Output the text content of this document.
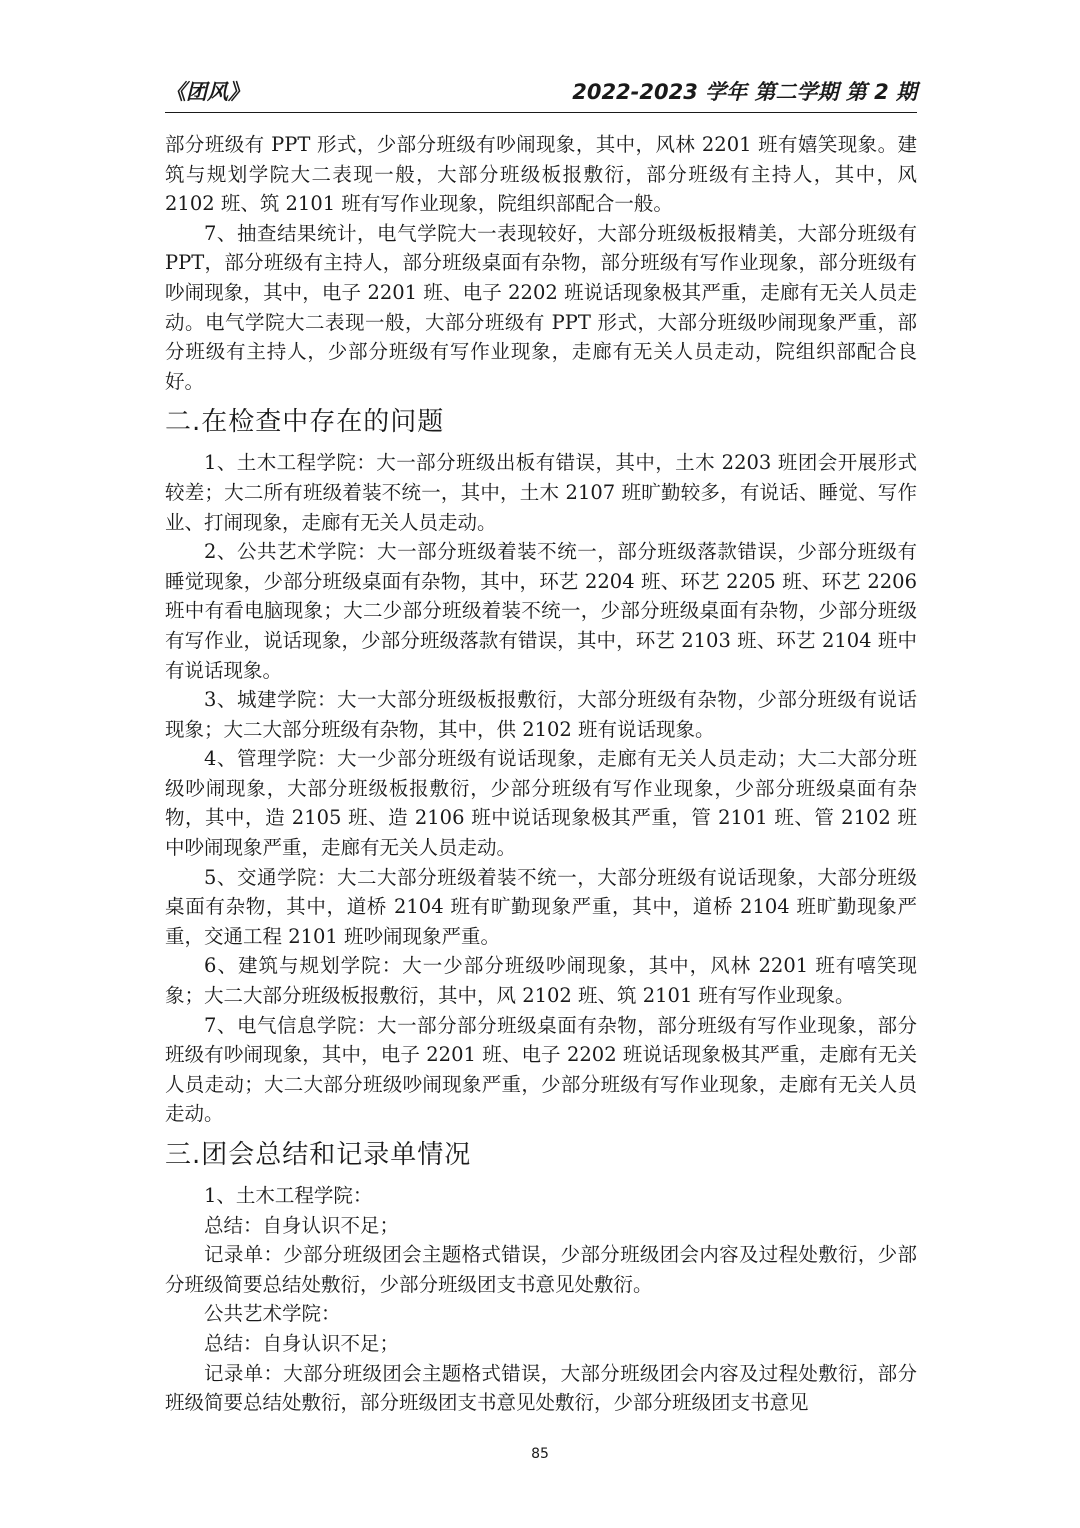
《团风》	2022-2023 学年 第二学期 第 2 期

部分班级有 PPT 形式，少部分班级有吵闹现象，其中，风林 2201 班有嬉笑现象。建筑与规划学院大二表现一般，大部分班级板报敷衍，部分班级有主持人，其中，风 2102 班、筑 2101 班有写作业现象，院组织部配合一般。

7、抽查结果统计，电气学院大一表现较好，大部分班级板报精美，大部分班级有 PPT，部分班级有主持人，部分班级桌面有杂物，部分班级有写作业现象，部分班级有吵闹现象，其中，电子 2201 班、电子 2202 班说话现象极其严重，走廊有无关人员走动。电气学院大二表现一般，大部分班级有 PPT 形式，大部分班级吵闹现象严重，部分班级有主持人，少部分班级有写作业现象，走廊有无关人员走动，院组织部配合良好。

二.在检查中存在的问题

1、土木工程学院：大一部分班级出板有错误，其中，土木 2203 班团会开展形式较差；大二所有班级着装不统一，其中，土木 2107 班旷勤较多，有说话、睡觉、写作业、打闹现象，走廊有无关人员走动。

2、公共艺术学院：大一部分班级着装不统一，部分班级落款错误，少部分班级有睡觉现象，少部分班级桌面有杂物，其中，环艺 2204 班、环艺 2205 班、环艺 2206 班中有看电脑现象；大二少部分班级着装不统一，少部分班级桌面有杂物，少部分班级有写作业，说话现象，少部分班级落款有错误，其中，环艺 2103 班、环艺 2104 班中有说话现象。

3、城建学院：大一大部分班级板报敷衍，大部分班级有杂物，少部分班级有说话现象；大二大部分班级有杂物，其中，供 2102 班有说话现象。

4、管理学院：大一少部分班级有说话现象，走廊有无关人员走动；大二大部分班级吵闹现象，大部分班级板报敷衍，少部分班级有写作业现象，少部分班级桌面有杂物，其中，造 2105 班、造 2106 班中说话现象极其严重，管 2101 班、管 2102 班中吵闹现象严重，走廊有无关人员走动。

5、交通学院：大二大部分班级着装不统一，大部分班级有说话现象，大部分班级桌面有杂物，其中，道桥 2104 班有旷勤现象严重，其中，道桥 2104 班旷勤现象严重，交通工程 2101 班吵闹现象严重。

6、建筑与规划学院：大一少部分班级吵闹现象，其中，风林 2201 班有嘻笑现象；大二大部分班级板报敷衍，其中，风 2102 班、筑 2101 班有写作业现象。

7、电气信息学院：大一部分部分班级桌面有杂物，部分班级有写作业现象，部分班级有吵闹现象，其中，电子 2201 班、电子 2202 班说话现象极其严重，走廊有无关人员走动；大二大部分班级吵闹现象严重，少部分班级有写作业现象，走廊有无关人员走动。

三.团会总结和记录单情况

1、土木工程学院：

总结：自身认识不足；

记录单：少部分班级团会主题格式错误，少部分班级团会内容及过程处敷衍，少部分班级简要总结处敷衍，少部分班级团支书意见处敷衍。

公共艺术学院：

总结：自身认识不足；

记录单：大部分班级团会主题格式错误，大部分班级团会内容及过程处敷衍，部分班级简要总结处敷衍，部分班级团支书意见处敷衍，少部分班级团支书意见

85
